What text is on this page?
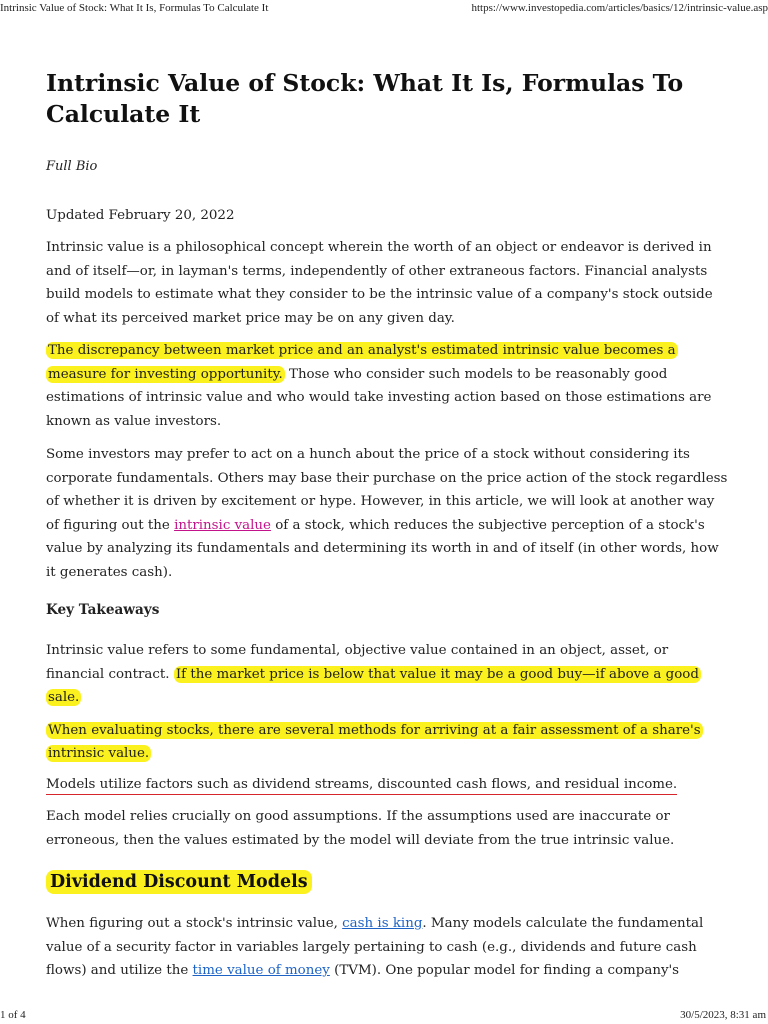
Intrinsic Value of Stock: What It Is, Formulas To Calculate It	https://www.investopedia.com/articles/basics/12/intrinsic-value.asp
Intrinsic Value of Stock: What It Is, Formulas To Calculate It
Full Bio
Updated February 20, 2022

Intrinsic value is a philosophical concept wherein the worth of an object or endeavor is derived in and of itself—or, in layman's terms, independently of other extraneous factors. Financial analysts build models to estimate what they consider to be the intrinsic value of a company's stock outside of what its perceived market price may be on any given day.

The discrepancy between market price and an analyst's estimated intrinsic value becomes a measure for investing opportunity. Those who consider such models to be reasonably good estimations of intrinsic value and who would take investing action based on those estimations are known as value investors.

Some investors may prefer to act on a hunch about the price of a stock without considering its corporate fundamentals. Others may base their purchase on the price action of the stock regardless of whether it is driven by excitement or hype. However, in this article, we will look at another way of figuring out the intrinsic value of a stock, which reduces the subjective perception of a stock's value by analyzing its fundamentals and determining its worth in and of itself (in other words, how it generates cash).

Key Takeaways

Intrinsic value refers to some fundamental, objective value contained in an object, asset, or financial contract. If the market price is below that value it may be a good buy—if above a good sale.

When evaluating stocks, there are several methods for arriving at a fair assessment of a share's intrinsic value.

Models utilize factors such as dividend streams, discounted cash flows, and residual income.

Each model relies crucially on good assumptions. If the assumptions used are inaccurate or erroneous, then the values estimated by the model will deviate from the true intrinsic value.

Dividend Discount Models

When figuring out a stock's intrinsic value, cash is king. Many models calculate the fundamental value of a security factor in variables largely pertaining to cash (e.g., dividends and future cash flows) and utilize the time value of money (TVM). One popular model for finding a company's

1 of 4	30/5/2023, 8:31 am
